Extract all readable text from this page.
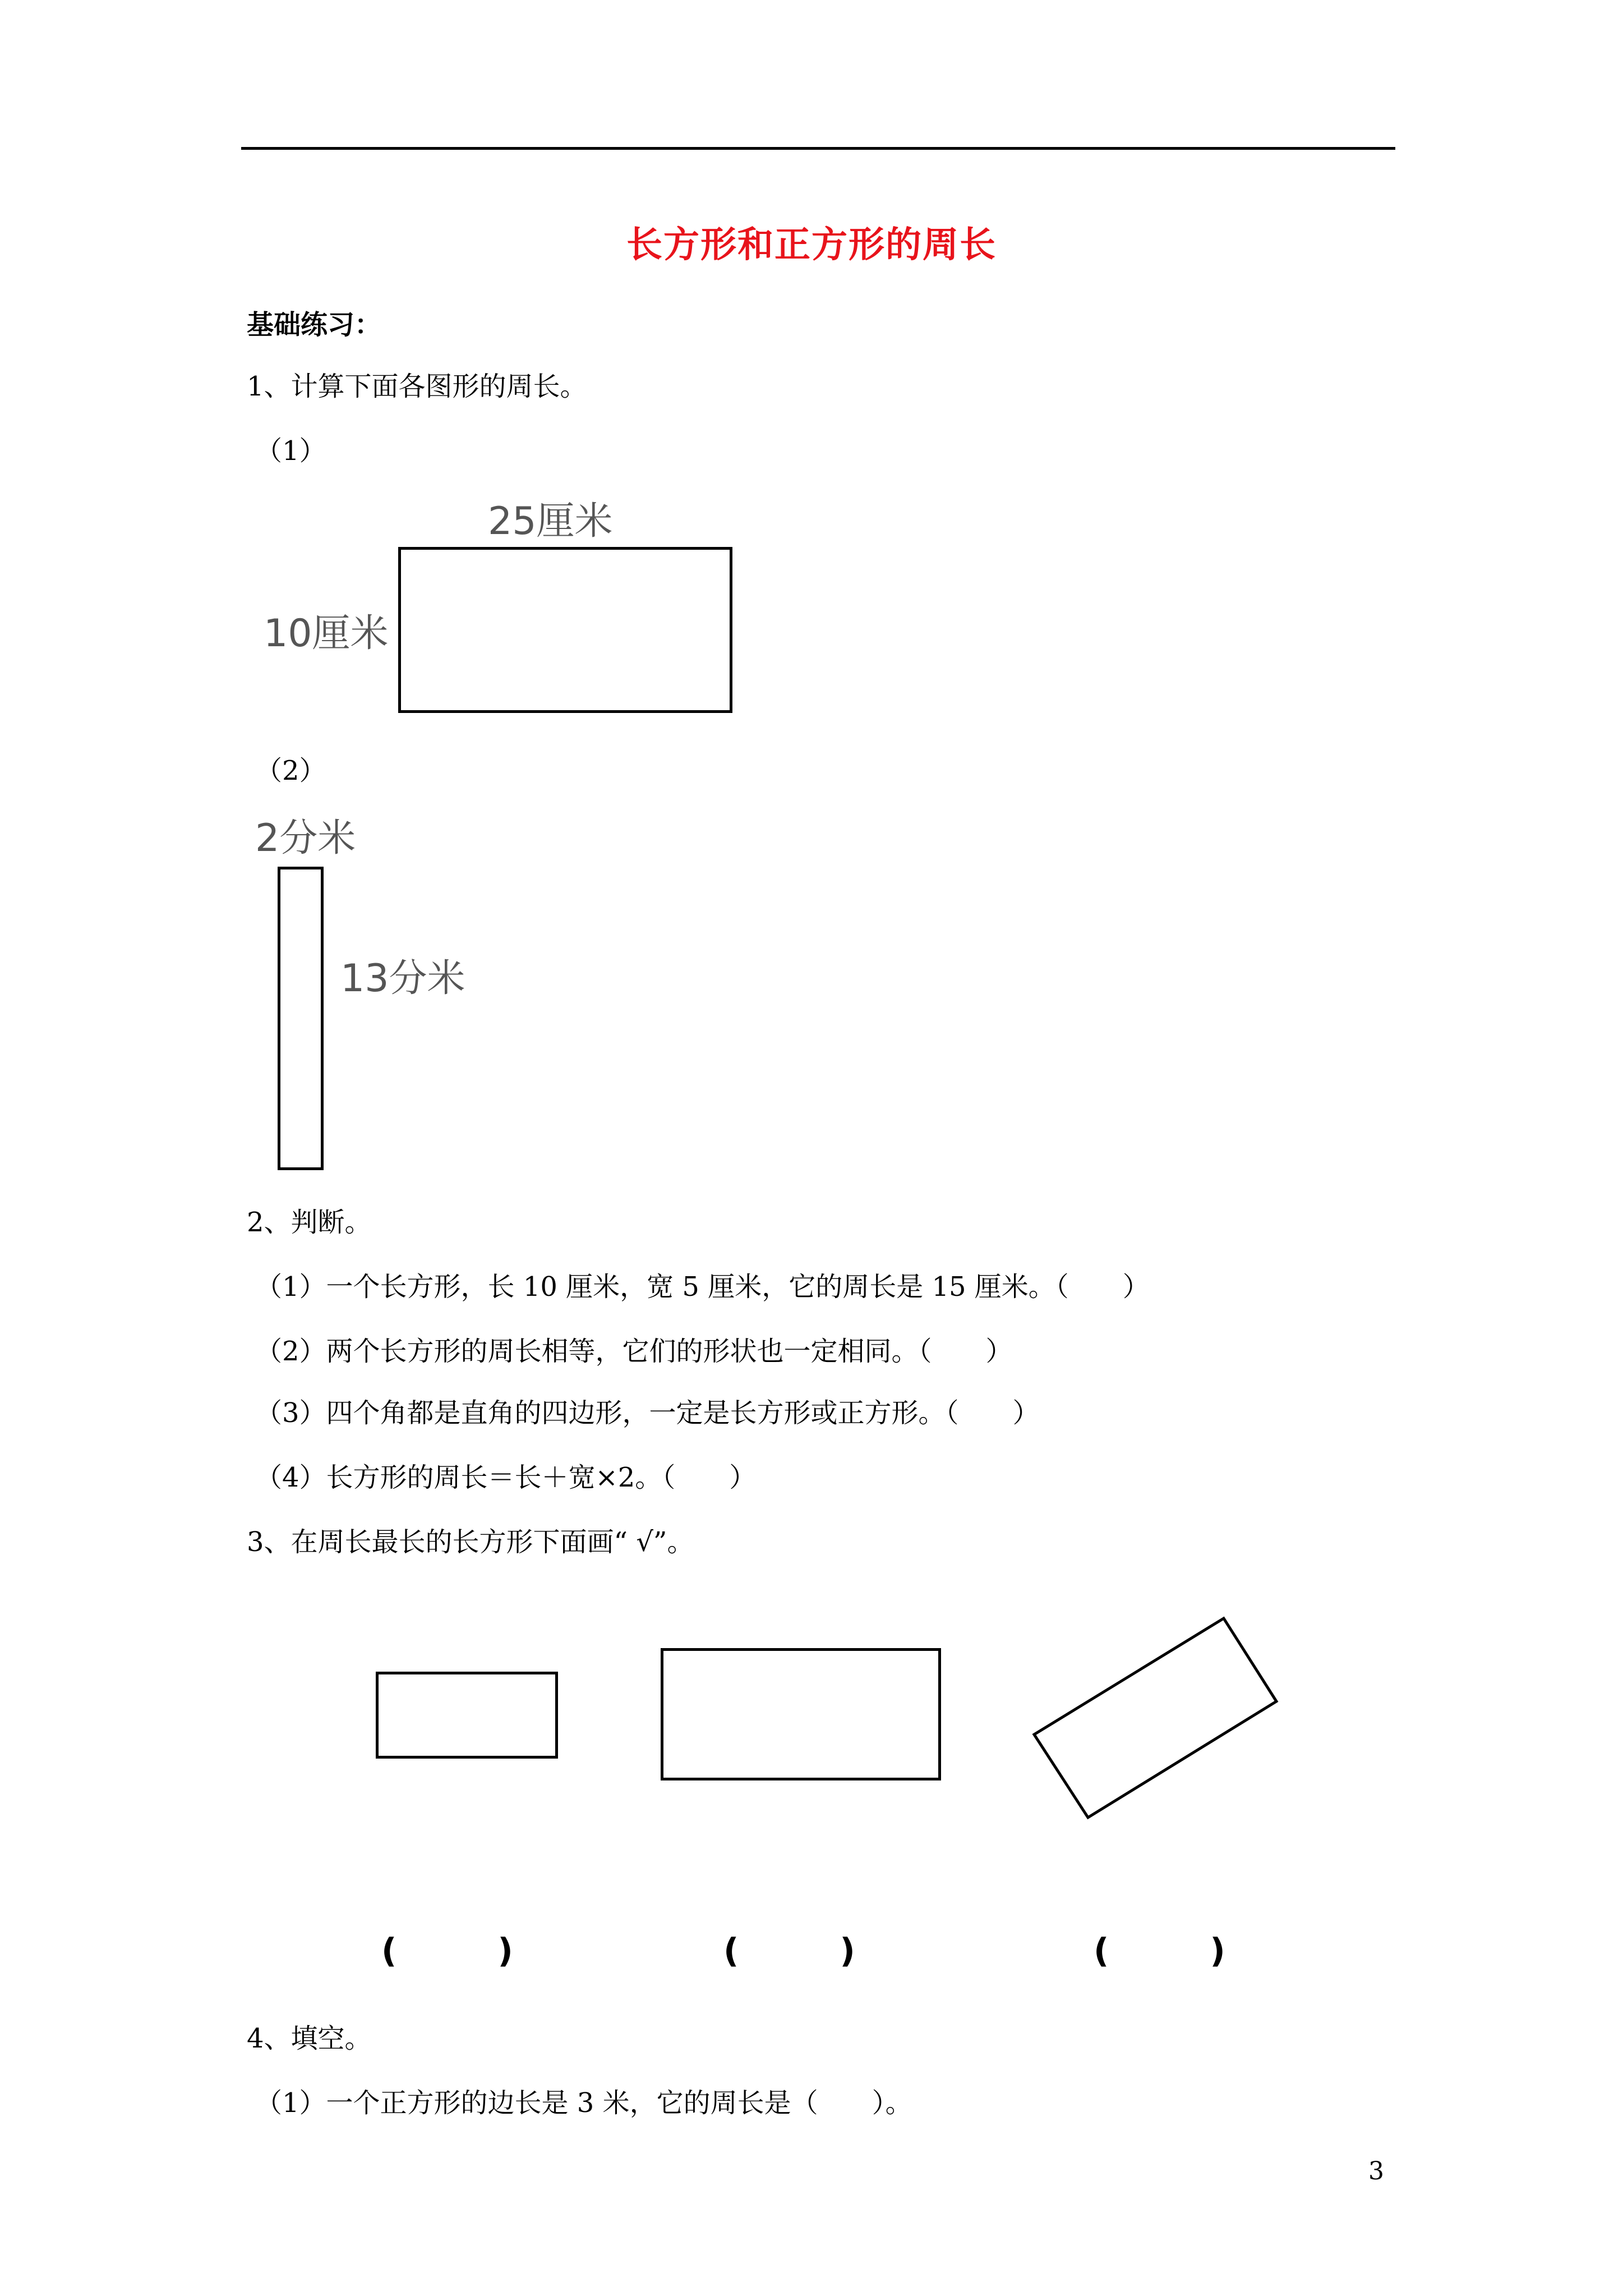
长方形和正方形的周长
基础练习：
1、计算下面各图形的周长。
（1）
25厘米
10厘米
（2）
2分米
13分米
2、判断。
（1）一个长方形，长 10 厘米，宽 5 厘米，它的周长是 15 厘米。（　　）
（2）两个长方形的周长相等，它们的形状也一定相同。（　　）
（3）四个角都是直角的四边形，一定是长方形或正方形。（　　）
（4）长方形的周长＝长＋宽×2。（　　）
3、在周长最长的长方形下面画“ √”。
(　　　)	(　　　)	(　　　)
4、填空。
（1）一个正方形的边长是 3 米，它的周长是（　　）。
3
